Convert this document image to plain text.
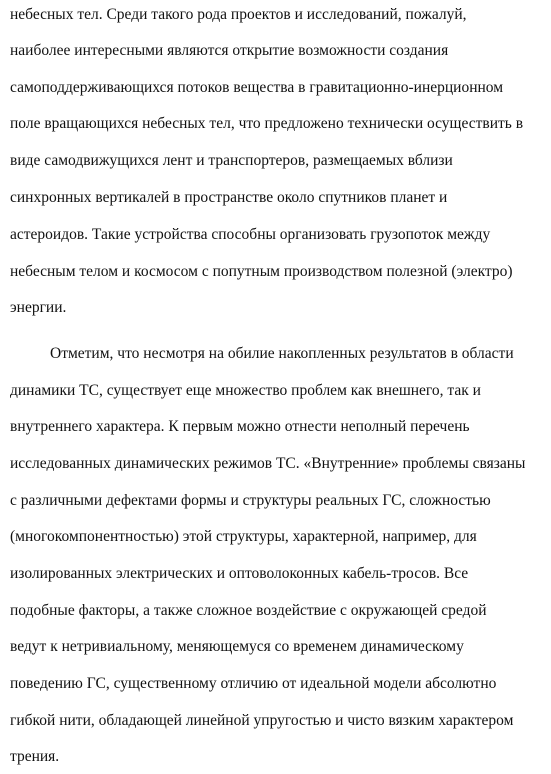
небесных тел. Среди такого рода проектов и исследований, пожалуй,
наиболее интересными являются открытие возможности создания
самоподдерживающихся потоков вещества в гравитационно-инерционном
поле вращающихся небесных тел, что предложено технически осуществить в
виде самодвижущихся лент и транспортеров, размещаемых вблизи
синхронных вертикалей в пространстве около спутников планет и
астероидов. Такие устройства способны организовать грузопоток между
небесным телом и космосом с попутным производством полезной (электро)
энергии.
Отметим, что несмотря на обилие накопленных результатов в области
динамики ТС, существует еще множество проблем как внешнего, так и
внутреннего характера. К первым можно отнести неполный перечень
исследованных динамических режимов ТС. «Внутренние» проблемы связаны
с различными дефектами формы и структуры реальных ГС, сложностью
(многокомпонентностью) этой структуры, характерной, например, для
изолированных электрических и оптоволоконных кабель-тросов. Все
подобные факторы, а также сложное воздействие с окружающей средой
ведут к нетривиальному, меняющемуся со временем динамическому
поведению ГС, существенному отличию от идеальной модели абсолютно
гибкой нити, обладающей линейной упругостью и чисто вязким характером
трения.
